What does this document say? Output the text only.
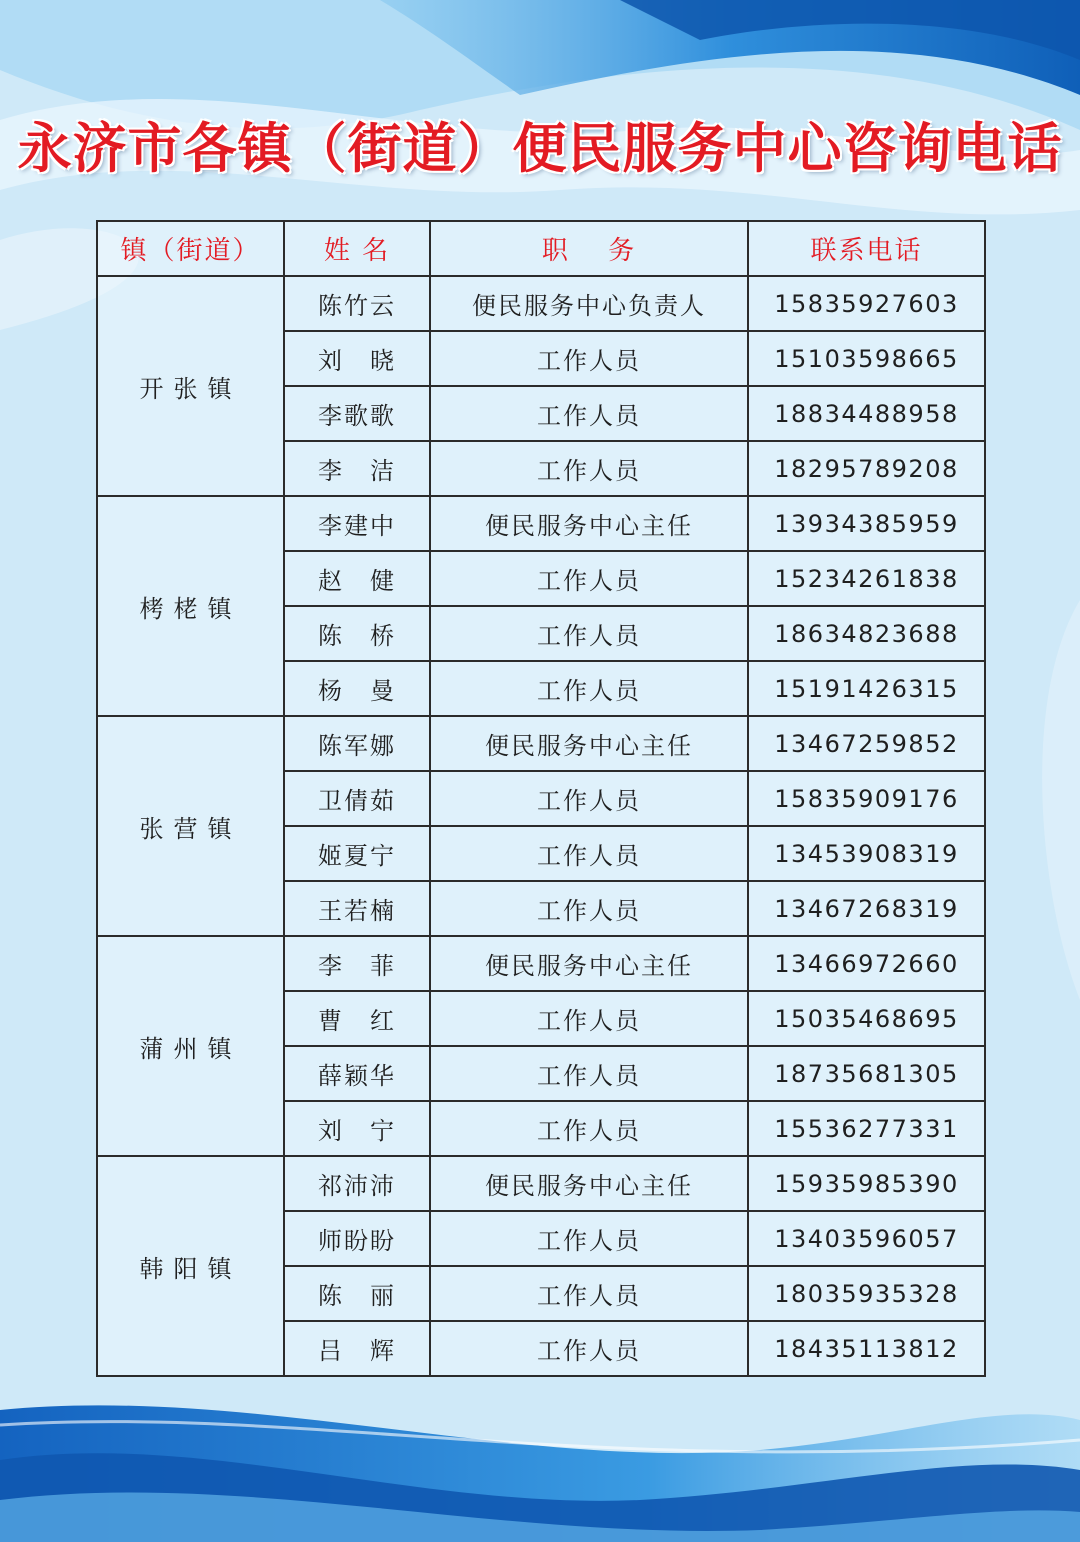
永济市各镇（街道）便民服务中心咨询电话
镇（街道）	姓 名	职　 务	联系电话
开张镇	陈竹云	便民服务中心负责人	15835927603
	刘　晓	工作人员	15103598665
	李歌歌	工作人员	18834488958
	李　洁	工作人员	18295789208
栲栳镇	李建中	便民服务中心主任	13934385959
	赵　健	工作人员	15234261838
	陈　桥	工作人员	18634823688
	杨　曼	工作人员	15191426315
张营镇	陈军娜	便民服务中心主任	13467259852
	卫倩茹	工作人员	15835909176
	姬夏宁	工作人员	13453908319
	王若楠	工作人员	13467268319
蒲州镇	李　菲	便民服务中心主任	13466972660
	曹　红	工作人员	15035468695
	薛颖华	工作人员	18735681305
	刘　宁	工作人员	15536277331
韩阳镇	祁沛沛	便民服务中心主任	15935985390
	师盼盼	工作人员	13403596057
	陈　丽	工作人员	18035935328
	吕　辉	工作人员	18435113812
